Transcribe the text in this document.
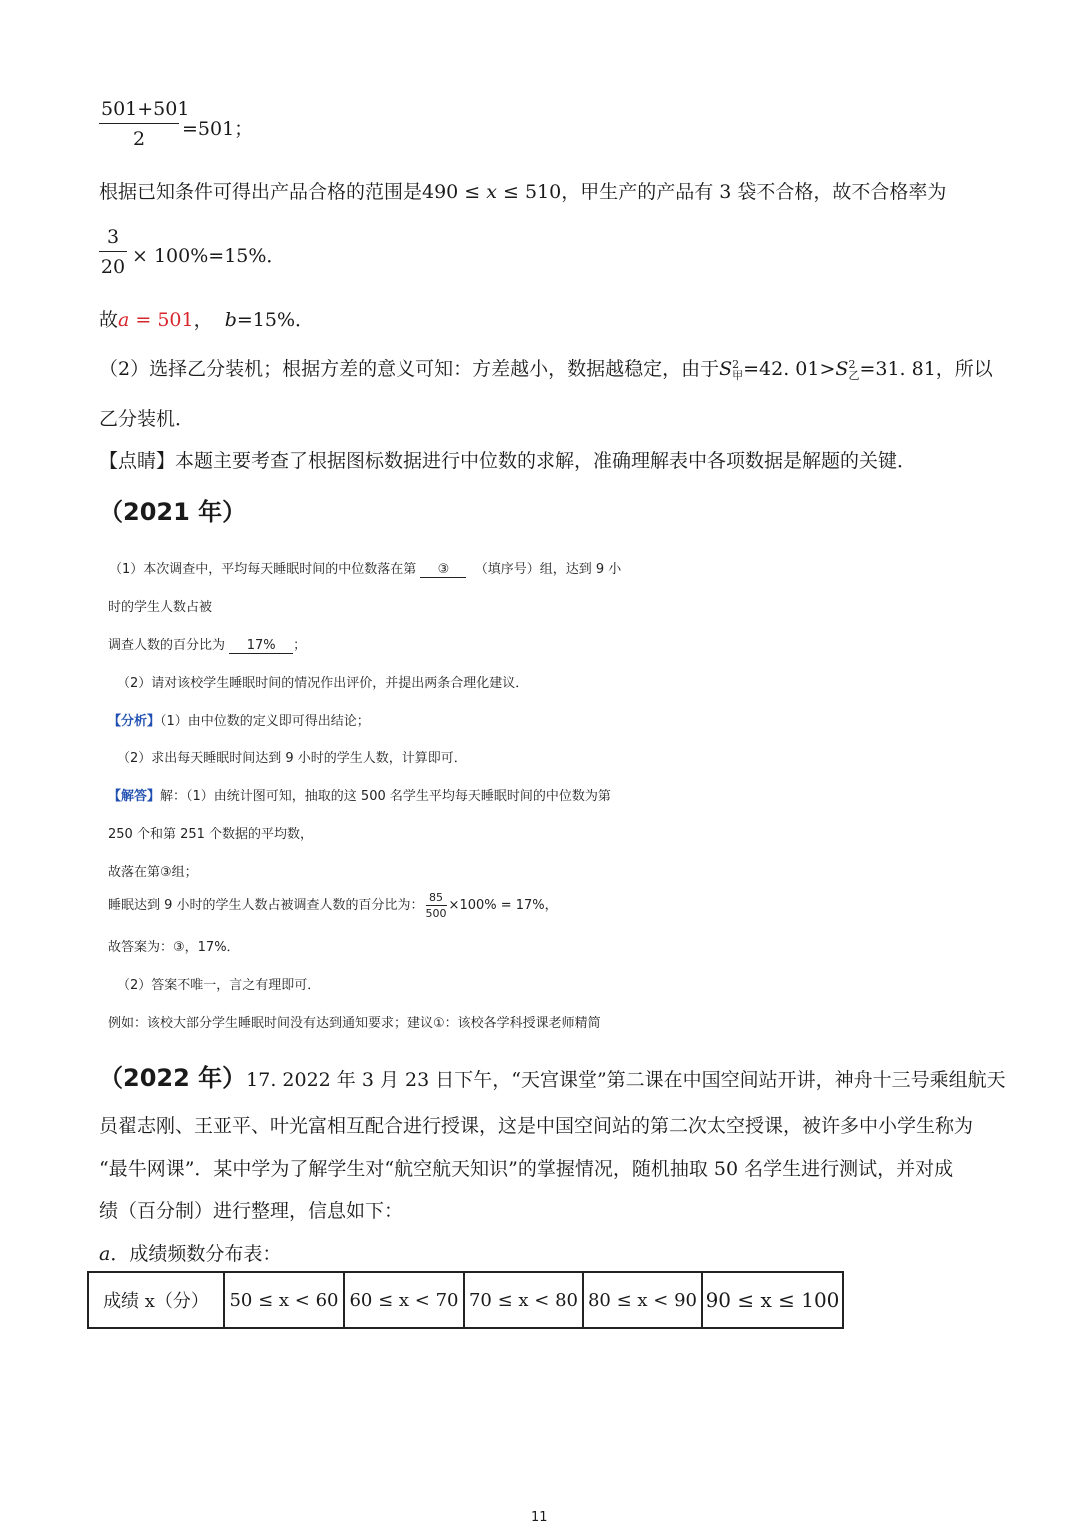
501+501
2	=501；
根据已知条件可得出产品合格的范围是490 ≤ x ≤ 510，甲生产的产品有 3 袋不合格，故不合格率为
3
20 × 100%=15%．
故a = 501， b=15%．
（2）选择乙分装机；根据方差的意义可知：方差越小，数据越稳定，由于S 2
甲 =42. 01>S 2
乙 =31. 81，所以
乙分装机．
【点睛】本题主要考查了根据图标数据进行中位数的求解，准确理解表中各项数据是解题的关键．
（2021 年）
（1）本次调查中，平均每天睡眠时间的中位数落在第 ③ （填序号）组，达到 9 小
时的学生人数占被
调查人数的百分比为 17% ；
（2）请对该校学生睡眠时间的情况作出评价，并提出两条合理化建议．
【分析】（1）由中位数的定义即可得出结论；
（2）求出每天睡眠时间达到 9 小时的学生人数，计算即可．
【解答】解：（1）由统计图可知，抽取的这 500 名学生平均每天睡眠时间的中位数为第
250 个和第 251 个数据的平均数，
故落在第③组；
睡眠达到 9 小时的学生人数占被调查人数的百分比为： $\frac{85}{500} \times 100\% = 17\%$，
故答案为：③，17%．
（2）答案不唯一，言之有理即可．
例如：该校大部分学生睡眠时间没有达到通知要求；建议①：该校各学科授课老师精简
（2022 年）17. 2022 年 3 月 23 日下午，“天宫课堂”第二课在中国空间站开讲，神舟十三号乘组航天
员翟志刚、王亚平、叶光富相互配合进行授课，这是中国空间站的第二次太空授课，被许多中小学生称为
“最牛网课”．某中学为了解学生对“航空航天知识”的掌握情况，随机抽取 50 名学生进行测试，并对成
绩（百分制）进行整理，信息如下：
a．成绩频数分布表：
成绩 x（分）	50 ≤ x < 60	60 ≤ x < 70	70 ≤ x < 80	80 ≤ x < 90	90 ≤ x ≤ 100
11
